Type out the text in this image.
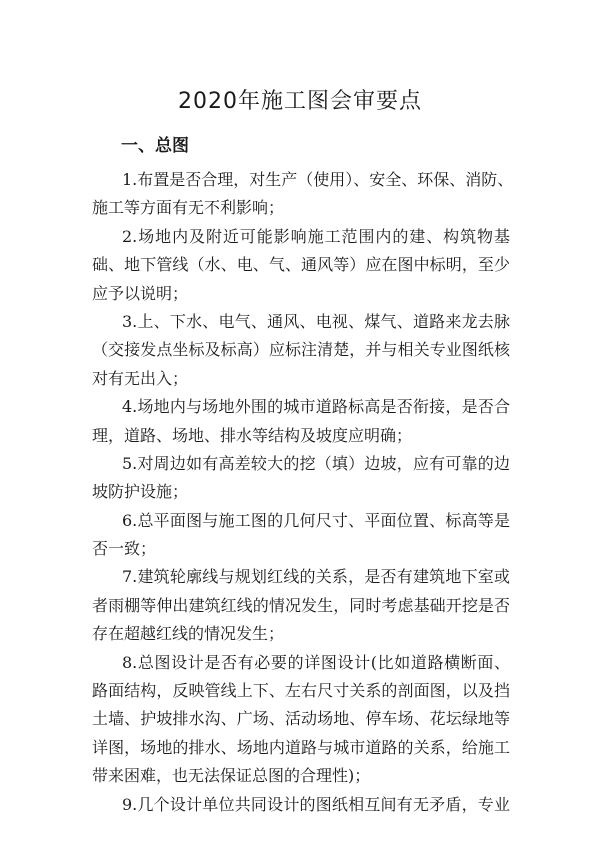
2020年施工图会审要点
一、总图
1.布置是否合理，对生产（使用）、安全、环保、消防、
施工等方面有无不利影响；
2.场地内及附近可能影响施工范围内的建、构筑物基
础、地下管线（水、电、气、通风等）应在图中标明，至少
应予以说明；
3.上、下水、电气、通风、电视、煤气、道路来龙去脉
（交接发点坐标及标高）应标注清楚，并与相关专业图纸核
对有无出入；
4.场地内与场地外围的城市道路标高是否衔接，是否合
理，道路、场地、排水等结构及坡度应明确；
5.对周边如有高差较大的挖（填）边坡，应有可靠的边
坡防护设施；
6.总平面图与施工图的几何尺寸、平面位置、标高等是
否一致；
7.建筑轮廓线与规划红线的关系，是否有建筑地下室或
者雨棚等伸出建筑红线的情况发生，同时考虑基础开挖是否
存在超越红线的情况发生；
8.总图设计是否有必要的详图设计(比如道路横断面、
路面结构，反映管线上下、左右尺寸关系的剖面图，以及挡
土墙、护坡排水沟、广场、活动场地、停车场、花坛绿地等
详图，场地的排水、场地内道路与城市道路的关系，给施工
带来困难，也无法保证总图的合理性)；
9.几个设计单位共同设计的图纸相互间有无矛盾，专业
